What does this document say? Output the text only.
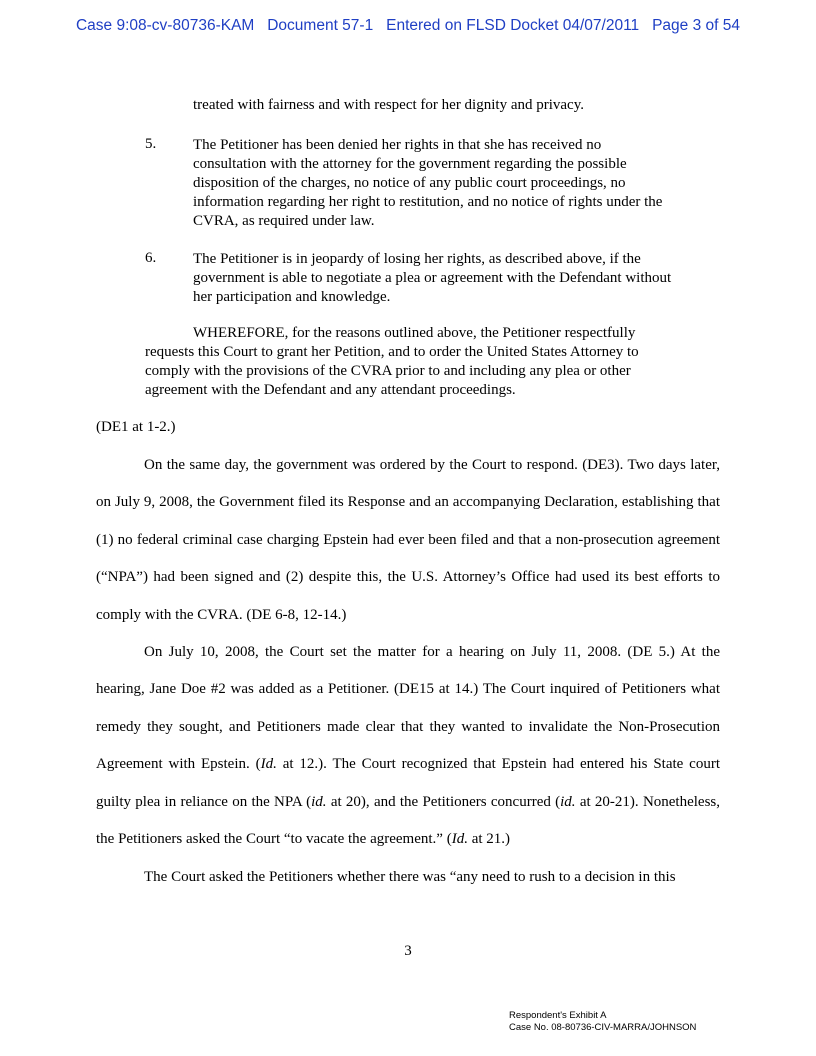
Case 9:08-cv-80736-KAM   Document 57-1   Entered on FLSD Docket 04/07/2011   Page 3 of 54
treated with fairness and with respect for her dignity and privacy.
5. The Petitioner has been denied her rights in that she has received no consultation with the attorney for the government regarding the possible disposition of the charges, no notice of any public court proceedings, no information regarding her right to restitution, and no notice of rights under the CVRA, as required under law.
6. The Petitioner is in jeopardy of losing her rights, as described above, if the government is able to negotiate a plea or agreement with the Defendant without her participation and knowledge.
WHEREFORE, for the reasons outlined above, the Petitioner respectfully requests this Court to grant her Petition, and to order the United States Attorney to comply with the provisions of the CVRA prior to and including any plea or other agreement with the Defendant and any attendant proceedings.
(DE1 at 1-2.)

On the same day, the government was ordered by the Court to respond. (DE3). Two days later, on July 9, 2008, the Government filed its Response and an accompanying Declaration, establishing that (1) no federal criminal case charging Epstein had ever been filed and that a non-prosecution agreement (“NPA”) had been signed and (2) despite this, the U.S. Attorney’s Office had used its best efforts to comply with the CVRA. (DE 6-8, 12-14.)

On July 10, 2008, the Court set the matter for a hearing on July 11, 2008. (DE 5.) At the hearing, Jane Doe #2 was added as a Petitioner. (DE15 at 14.) The Court inquired of Petitioners what remedy they sought, and Petitioners made clear that they wanted to invalidate the Non-Prosecution Agreement with Epstein. (Id. at 12.). The Court recognized that Epstein had entered his State court guilty plea in reliance on the NPA (id. at 20), and the Petitioners concurred (id. at 20-21). Nonetheless, the Petitioners asked the Court “to vacate the agreement.” (Id. at 21.)

The Court asked the Petitioners whether there was “any need to rush to a decision in this

3
Respondent's Exhibit A
Case No. 08-80736-CIV-MARRA/JOHNSON
